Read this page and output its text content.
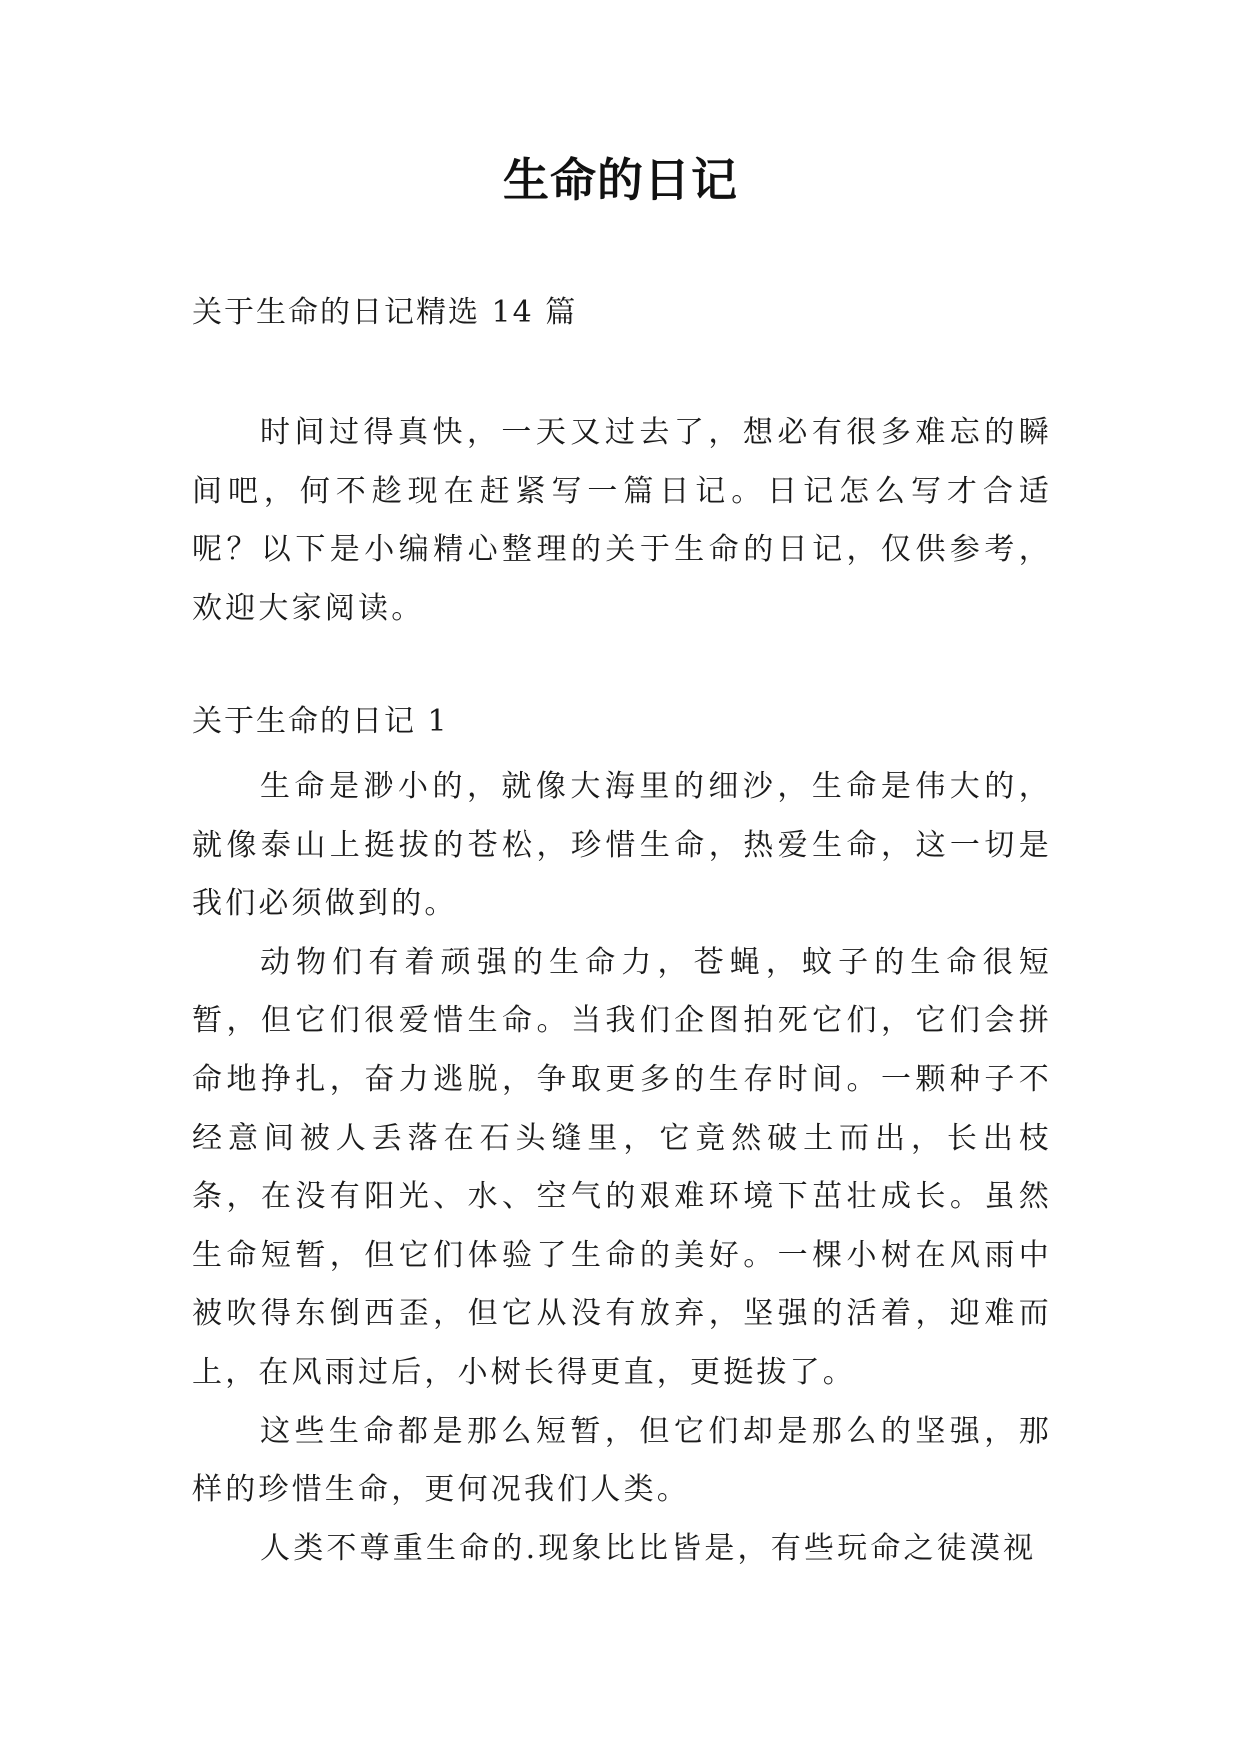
生命的日记
关于生命的日记精选 14 篇

时间过得真快，一天又过去了，想必有很多难忘的瞬间吧，何不趁现在赶紧写一篇日记。日记怎么写才合适呢？以下是小编精心整理的关于生命的日记，仅供参考，欢迎大家阅读。

关于生命的日记 1

生命是渺小的，就像大海里的细沙，生命是伟大的，就像泰山上挺拔的苍松，珍惜生命，热爱生命，这一切是我们必须做到的。

动物们有着顽强的生命力，苍蝇，蚊子的生命很短暂，但它们很爱惜生命。当我们企图拍死它们，它们会拼命地挣扎，奋力逃脱，争取更多的生存时间。一颗种子不经意间被人丢落在石头缝里，它竟然破土而出，长出枝条，在没有阳光、水、空气的艰难环境下茁壮成长。虽然生命短暂，但它们体验了生命的美好。一棵小树在风雨中被吹得东倒西歪，但它从没有放弃，坚强的活着，迎难而上，在风雨过后，小树长得更直，更挺拔了。

这些生命都是那么短暂，但它们却是那么的坚强，那样的珍惜生命，更何况我们人类。

人类不尊重生命的.现象比比皆是，有些玩命之徒漠视
